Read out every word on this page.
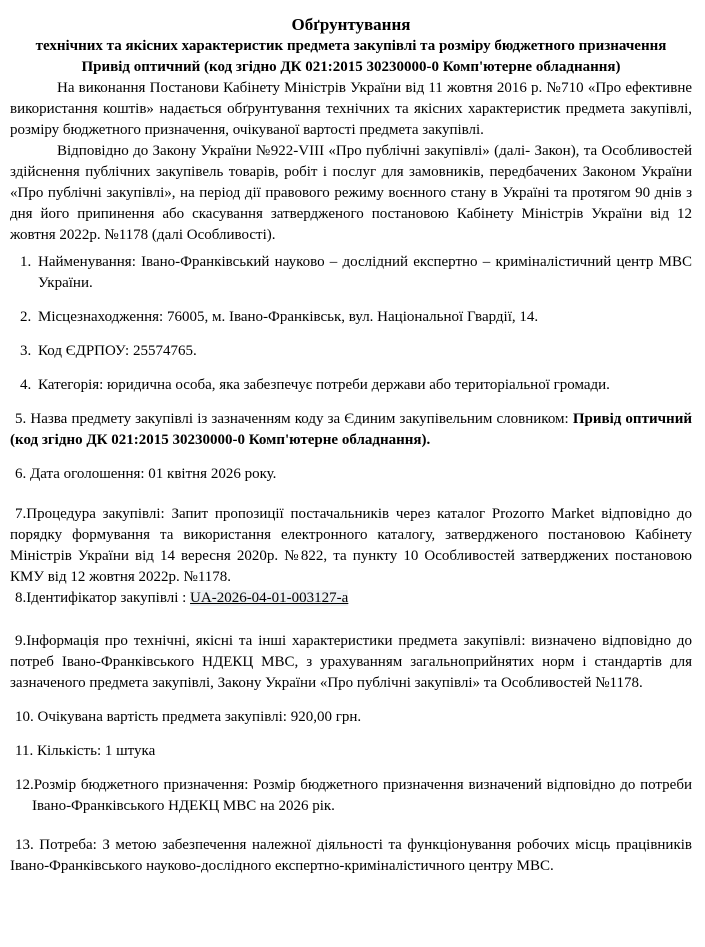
Обґрунтування
технічних та якісних характеристик предмета закупівлі та розміру бюджетного призначення
Привід оптичний (код згідно ДК 021:2015 30230000-0 Комп'ютерне обладнання)

На виконання Постанови Кабінету Міністрів України від 11 жовтня 2016 р. №710 «Про ефективне використання коштів» надається обґрунтування технічних та якісних характеристик предмета закупівлі, розміру бюджетного призначення, очікуваної вартості предмета закупівлі.

Відповідно до Закону України №922-VIII «Про публічні закупівлі» (далі- Закон), та Особливостей здійснення публічних закупівель товарів, робіт і послуг для замовників, передбачених Законом України «Про публічні закупівлі», на період дії правового режиму воєнного стану в Україні та протягом 90 днів з дня його припинення або скасування затвердженого постановою Кабінету Міністрів України від 12 жовтня 2022р. №1178 (далі Особливості).

1. Найменування: Івано-Франківський науково – дослідний експертно – криміналістичний центр МВС України.

2. Місцезнаходження: 76005, м. Івано-Франківськ, вул. Національної Гвардії, 14.

3. Код ЄДРПОУ: 25574765.

4. Категорія: юридична особа, яка забезпечує потреби держави або територіальної громади.

5. Назва предмету закупівлі із зазначенням коду за Єдиним закупівельним словником: Привід оптичний (код згідно ДК 021:2015 30230000-0 Комп'ютерне обладнання).

6. Дата оголошення: 01 квітня 2026 року.

7.Процедура закупівлі: Запит пропозиції постачальників через каталог Prozorro Market відповідно до порядку формування та використання електронного каталогу, затвердженого постановою Кабінету Міністрів України від 14 вересня 2020р. №822, та пункту 10 Особливостей затверджених постановою КМУ від 12 жовтня 2022р. №1178.

8.Ідентифікатор закупівлі : UA-2026-04-01-003127-a

9.Інформація про технічні, якісні та інші характеристики предмета закупівлі: визначено відповідно до потреб Івано-Франківського НДЕКЦ МВС, з урахуванням загальноприйнятих норм і стандартів для зазначеного предмета закупівлі, Закону України «Про публічні закупівлі» та Особливостей №1178.

10. Очікувана вартість предмета закупівлі: 920,00 грн.

11. Кількість: 1 штука

12.Розмір бюджетного призначення: Розмір бюджетного призначення визначений відповідно до потреби Івано-Франківського НДЕКЦ МВС на 2026 рік.

13. Потреба: З метою забезпечення належної діяльності та функціонування робочих місць працівників Івано-Франківського науково-дослідного експертно-криміналістичного центру МВС.
